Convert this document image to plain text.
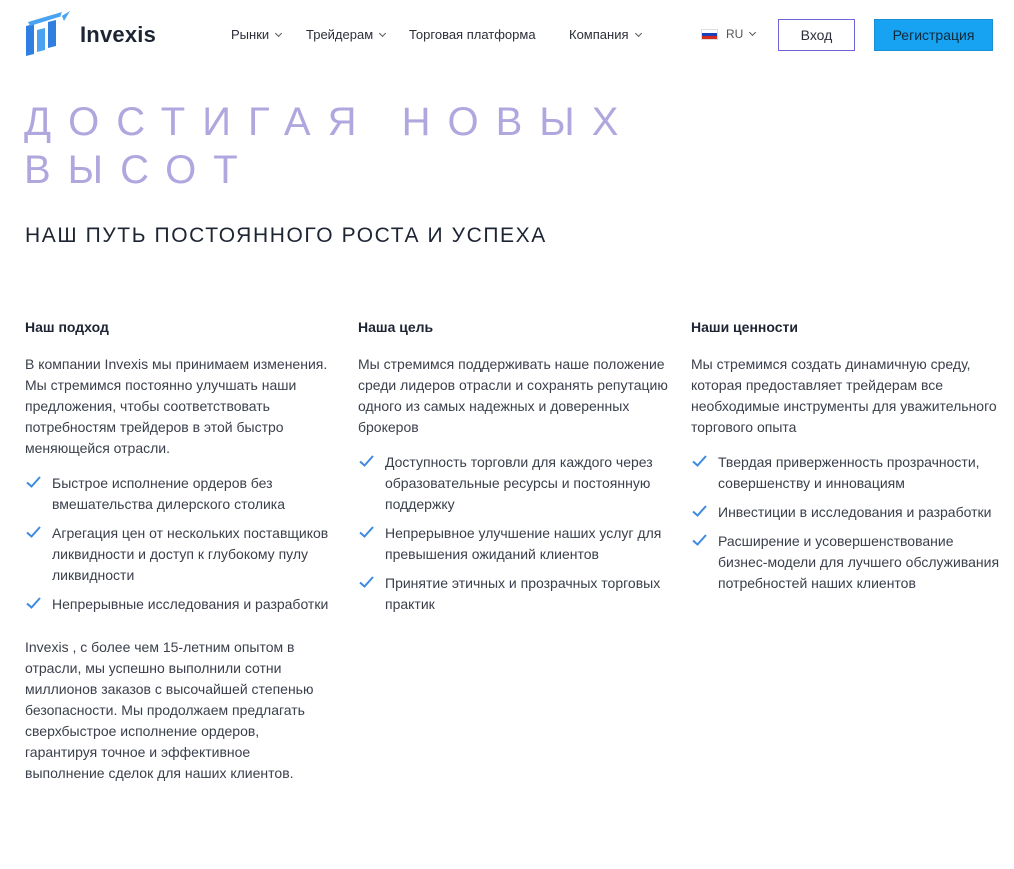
Invexis	Рынки	Трейдерам	Торговая платформа	Компания	RU	Вход	Регистрация
ДОСТИГАЯ НОВЫХ ВЫСОТ
НАШ ПУТЬ ПОСТОЯННОГО РОСТА И УСПЕХА
Наш подход

В компании Invexis мы принимаем изменения. Мы стремимся постоянно улучшать наши предложения, чтобы соответствовать потребностям трейдеров в этой быстро меняющейся отрасли.

Быстрое исполнение ордеров без вмешательства дилерского столика
Агрегация цен от нескольких поставщиков ликвидности и доступ к глубокому пулу ликвидности
Непрерывные исследования и разработки

Invexis , с более чем 15-летним опытом в отрасли, мы успешно выполнили сотни миллионов заказов с высочайшей степенью безопасности. Мы продолжаем предлагать сверхбыстрое исполнение ордеров, гарантируя точное и эффективное выполнение сделок для наших клиентов.

Наша цель

Мы стремимся поддерживать наше положение среди лидеров отрасли и сохранять репутацию одного из самых надежных и доверенных брокеров

Доступность торговли для каждого через образовательные ресурсы и постоянную поддержку
Непрерывное улучшение наших услуг для превышения ожиданий клиентов
Принятие этичных и прозрачных торговых практик
Наши ценности

Мы стремимся создать динамичную среду, которая предоставляет трейдерам все необходимые инструменты для уважительного торгового опыта

Твердая приверженность прозрачности, совершенству и инновациям
Инвестиции в исследования и разработки
Расширение и усовершенствование бизнес-модели для лучшего обслуживания потребностей наших клиентов
